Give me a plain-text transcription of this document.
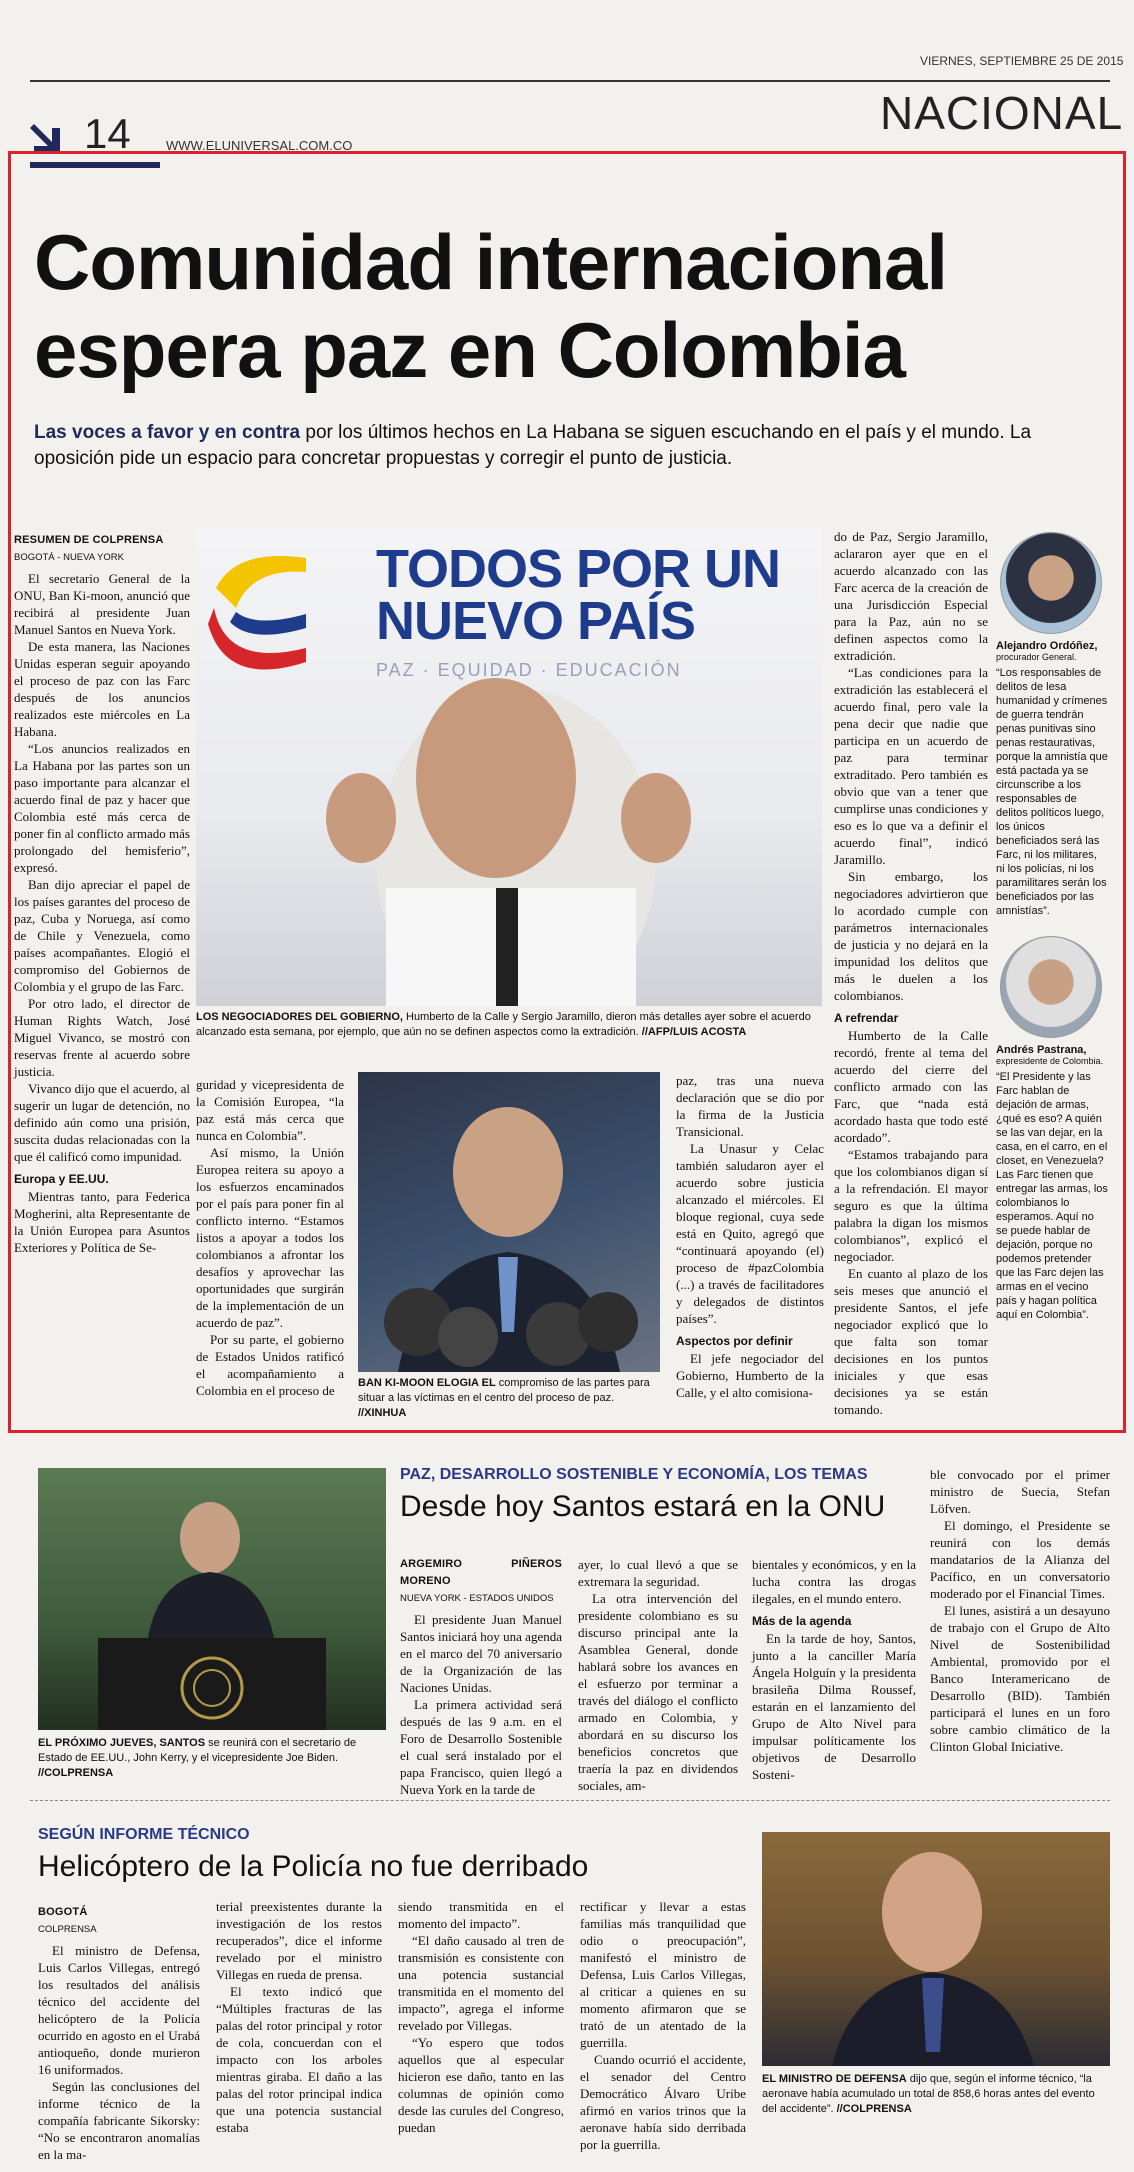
VIERNES, SEPTIEMBRE 25 DE 2015
NACIONAL
14	WWW.ELUNIVERSAL.COM.CO
Comunidad internacional
espera paz en Colombia
Las voces a favor y en contra por los últimos hechos en La Habana se siguen escuchando en el país y el mundo. La oposición pide un espacio para concretar propuestas y corregir el punto de justicia.
RESUMEN DE COLPRENSA
BOGOTÁ - NUEVA YORK

El secretario General de la ONU, Ban Ki-moon, anunció que recibirá al presidente Juan Manuel Santos en Nueva York.

De esta manera, las Naciones Unidas esperan seguir apoyando el proceso de paz con las Farc después de los anuncios realizados este miércoles en La Habana.

“Los anuncios realizados en La Habana por las partes son un paso importante para alcanzar el acuerdo final de paz y hacer que Colombia esté más cerca de poner fin al conflicto armado más prolongado del hemisferio”, expresó.

Ban dijo apreciar el papel de los países garantes del proceso de paz, Cuba y Noruega, así como de Chile y Venezuela, como países acompañantes. Elogió el compromiso del Gobiernos de Colombia y el grupo de las Farc.

Por otro lado, el director de Human Rights Watch, José Miguel Vivanco, se mostró con reservas frente al acuerdo sobre justicia.

Vivanco dijo que el acuerdo, al sugerir un lugar de detención, no definido aún como una prisión, suscita dudas relacionadas con la que él calificó como impunidad.

Europa y EE.UU.

Mientras tanto, para Federica Mogherini, alta Representante de la Unión Europea para Asuntos Exteriores y Política de Se-

TODOS POR UN
NUEVO PAÍS
PAZ · EQUIDAD · EDUCACIÓN
LOS NEGOCIADORES DEL GOBIERNO, Humberto de la Calle y Sergio Jaramillo, dieron más detalles ayer sobre el acuerdo alcanzado esta semana, por ejemplo, que aún no se definen aspectos como la extradición. //AFP/LUIS ACOSTA

guridad y vicepresidenta de la Comisión Europea, “la paz está más cerca que nunca en Colombia”.

Así mismo, la Unión Europea reitera su apoyo a los esfuerzos encaminados por el país para poner fin al conflicto interno. “Estamos listos a apoyar a todos los colombianos a afrontar los desafíos y aprovechar las oportunidades que surgirán de la implementación de un acuerdo de paz”.

Por su parte, el gobierno de Estados Unidos ratificó el acompañamiento a Colombia en el proceso de	BAN KI-MOON ELOGIA EL compromiso de las partes para situar a las víctimas en el centro del proceso de paz. //XINHUA

paz, tras una nueva declaración que se dio por la firma de la Justicia Transicional.

La Unasur y Celac también saludaron ayer el acuerdo sobre justicia alcanzado el miércoles. El bloque regional, cuya sede está en Quito, agregó que “continuará apoyando (el) proceso de #pazColombia (...) a través de facilitadores y delegados de distintos países”.

Aspectos por definir

El jefe negociador del Gobierno, Humberto de la Calle, y el alto comisiona-

do de Paz, Sergio Jaramillo, aclararon ayer que en el acuerdo alcanzado con las Farc acerca de la creación de una Jurisdicción Especial para la Paz, aún no se definen aspectos como la extradición.

“Las condiciones para la extradición las establecerá el acuerdo final, pero vale la pena decir que nadie que participa en un acuerdo de paz para terminar extraditado. Pero también es obvio que van a tener que cumplirse unas condiciones y eso es lo que va a definir el acuerdo final”, indicó Jaramillo.

Sin embargo, los negociadores advirtieron que lo acordado cumple con parámetros internacionales de justicia y no dejará en la impunidad los delitos que más le duelen a los colombianos.

A refrendar

Humberto de la Calle recordó, frente al tema del acuerdo del cierre del conflicto armado con las Farc, que “nada está acordado hasta que todo esté acordado”.

“Estamos trabajando para que los colombianos digan sí a la refrendación. El mayor seguro es que la última palabra la digan los mismos colombianos”, explicó el negociador.

En cuanto al plazo de los seis meses que anunció el presidente Santos, el jefe negociador explicó que lo que falta son tomar decisiones en los puntos iniciales y que esas decisiones ya se están tomando.

Alejandro Ordóñez,
procurador General.
“Los responsables de delitos de lesa humanidad y crímenes de guerra tendrán penas punitivas sino penas restaurativas, porque la amnistía que está pactada ya se circunscribe a los responsables de delitos políticos luego, los únicos beneficiados será las Farc, ni los militares, ni los policías, ni los paramilitares serán los beneficiados por las amnistías”.
Andrés Pastrana,
expresidente de Colombia.
“El Presidente y las Farc hablan de dejación de armas, ¿qué es eso? A quién se las van dejar, en la casa, en el carro, en el closet, en Venezuela? Las Farc tienen que entregar las armas, los colombianos lo esperamos. Aquí no se puede hablar de dejación, porque no podemos pretender que las Farc dejen las armas en el vecino país y hagan política aquí en Colombia”.
EL PRÓXIMO JUEVES, SANTOS se reunirá con el secretario de Estado de EE.UU., John Kerry, y el vicepresidente Joe Biden. //COLPRENSA
PAZ, DESARROLLO SOSTENIBLE Y ECONOMÍA, LOS TEMAS
Desde hoy Santos estará en la ONU
ARGEMIRO PIÑEROS MORENO
NUEVA YORK - ESTADOS UNIDOS

El presidente Juan Manuel Santos iniciará hoy una agenda en el marco del 70 aniversario de la Organización de las Naciones Unidas.

La primera actividad será después de las 9 a.m. en el Foro de Desarrollo Sostenible el cual será instalado por el papa Francisco, quien llegó a Nueva York en la tarde de

ayer, lo cual llevó a que se extremara la seguridad.

La otra intervención del presidente colombiano es su discurso principal ante la Asamblea General, donde hablará sobre los avances en el esfuerzo por terminar a través del diálogo el conflicto armado en Colombia, y abordará en su discurso los beneficios concretos que traería la paz en dividendos sociales, am-

bientales y económicos, y en la lucha contra las drogas ilegales, en el mundo entero.

Más de la agenda

En la tarde de hoy, Santos, junto a la canciller María Ángela Holguín y la presidenta brasileña Dilma Roussef, estarán en el lanzamiento del Grupo de Alto Nivel para impulsar políticamente los objetivos de Desarrollo Sosteni-

ble convocado por el primer ministro de Suecia, Stefan Löfven.

El domingo, el Presidente se reunirá con los demás mandatarios de la Alianza del Pacífico, en un conversatorio moderado por el Financial Times.

El lunes, asistirá a un desayuno de trabajo con el Grupo de Alto Nivel de Sostenibilidad Ambiental, promovido por el Banco Interamericano de Desarrollo (BID). También participará el lunes en un foro sobre cambio climático de la Clinton Global Iniciative.

SEGÚN INFORME TÉCNICO
Helicóptero de la Policía no fue derribado
BOGOTÁ
COLPRENSA

El ministro de Defensa, Luis Carlos Villegas, entregó los resultados del análisis técnico del accidente del helicóptero de la Policía ocurrido en agosto en el Urabá antioqueño, donde murieron 16 uniformados.

Según las conclusiones del informe técnico de la compañía fabricante Sikorsky: “No se encontraron anomalías en la ma-

terial preexistentes durante la investigación de los restos recuperados”, dice el informe revelado por el ministro Villegas en rueda de prensa.

El texto indicó que “Múltiples fracturas de las palas del rotor principal y rotor de cola, concuerdan con el impacto con los arboles mientras giraba. El daño a las palas del rotor principal indica que una potencia sustancial estaba

siendo transmitida en el momento del impacto”.

“El daño causado al tren de transmisión es consistente con una potencia sustancial transmitida en el momento del impacto”, agrega el informe revelado por Villegas.

“Yo espero que todos aquellos que al especular hicieron ese daño, tanto en las columnas de opinión como desde las curules del Congreso, puedan

rectificar y llevar a estas familias más tranquilidad que odio o preocupación”, manifestó el ministro de Defensa, Luis Carlos Villegas, al criticar a quienes en su momento afirmaron que se trató de un atentado de la guerrilla.

Cuando ocurrió el accidente, el senador del Centro Democrático Álvaro Uribe afirmó en varios trinos que la aeronave había sido derribada por la guerrilla.

EL MINISTRO DE DEFENSA dijo que, según el informe técnico, “la aeronave había acumulado un total de 858,6 horas antes del evento del accidente”. //COLPRENSA
